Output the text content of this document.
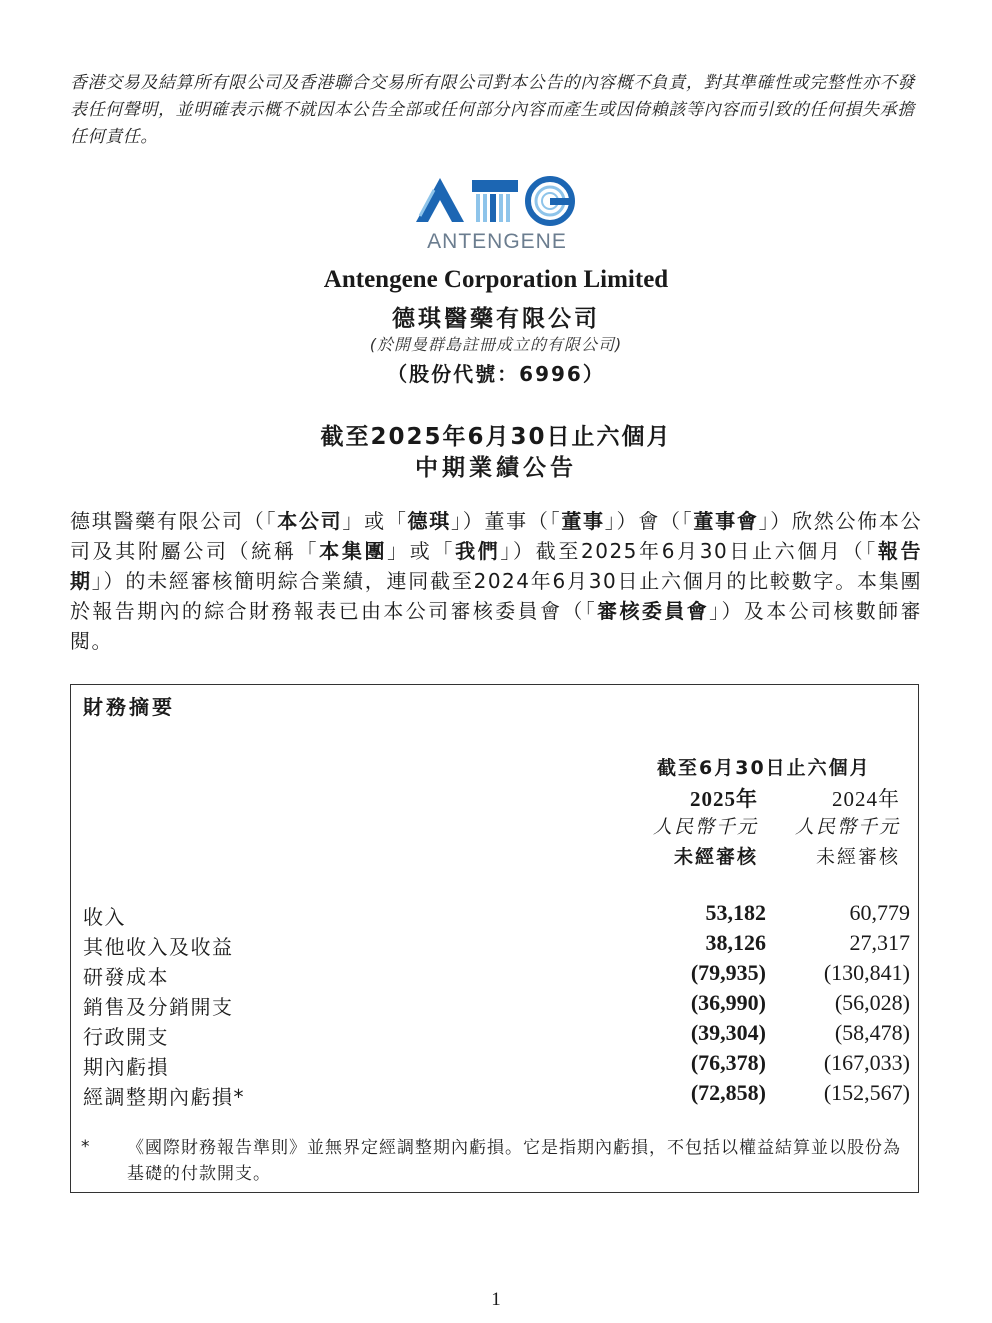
香港交易及結算所有限公司及香港聯合交易所有限公司對本公告的內容概不負責，對其準確性或完整性亦不發表任何聲明，並明確表示概不就因本公告全部或任何部分內容而產生或因倚賴該等內容而引致的任何損失承擔任何責任。
ANTENGENE
Antengene Corporation Limited
德琪醫藥有限公司
(於開曼群島註冊成立的有限公司)
（股份代號：6996）
截至2025年6月30日止六個月
中期業績公告
德琪醫藥有限公司（「本公司」或「德琪」）董事（「董事」）會（「董事會」）欣然公佈本公司及其附屬公司（統稱「本集團」或「我們」）截至2025年6月30日止六個月（「報告期」）的未經審核簡明綜合業績，連同截至2024年6月30日止六個月的比較數字。本集團於報告期內的綜合財務報表已由本公司審核委員會（「審核委員會」）及本公司核數師審閱。
財務摘要
截至6月30日止六個月
2025年	2024年
人民幣千元 人民幣千元
未經審核	未經審核
收入	53,182	60,779
其他收入及收益	38,126	27,317
研發成本	(79,935)	(130,841)
銷售及分銷開支	(36,990)	(56,028)
行政開支	(39,304)	(58,478)
期內虧損	(76,378)	(167,033)
經調整期內虧損*	(72,858)	(152,567)
* 《國際財務報告準則》並無界定經調整期內虧損。它是指期內虧損，不包括以權益結算並以股份為基礎的付款開支。
1
